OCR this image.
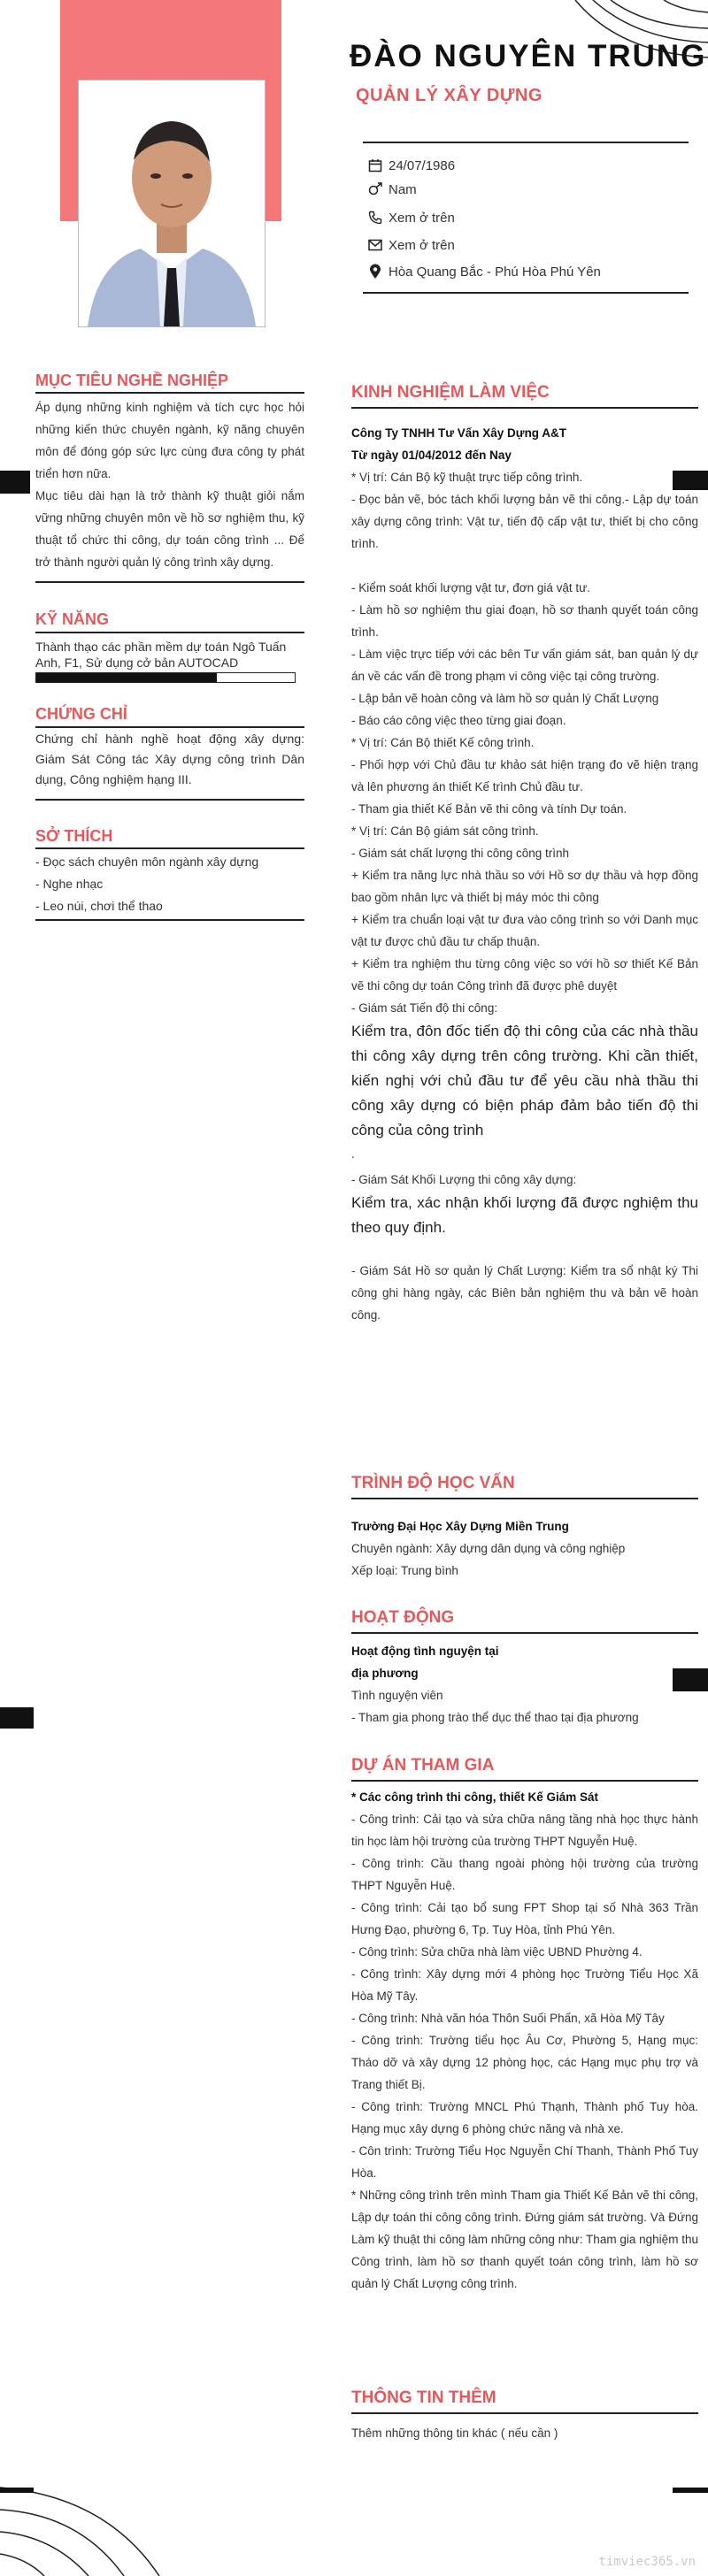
ĐÀO NGUYÊN TRUNG
QUẢN LÝ XÂY DỰNG
24/07/1986
Nam
Xem ở trên
Xem ở trên
Hòa Quang Bắc - Phú Hòa Phú Yên
MỤC TIÊU NGHỀ NGHIỆP

Áp dụng những kinh nghiệm và tích cực học hỏi những kiến thức chuyên ngành, kỹ năng chuyên môn để đóng góp sức lực cùng đưa công ty phát triển hơn nữa.

Mục tiêu dài hạn là trở thành kỹ thuật giỏi nắm vững những chuyên môn về hồ sơ nghiệm thu, kỹ thuật tổ chức thi công, dự toán công trình ... Để trở thành người quản lý công trình xây dựng.

KỸ NĂNG
Thành thạo các phần mềm dự toán Ngô Tuấn Anh, F1, Sử dụng cở bản AUTOCAD
CHỨNG CHỈ
Chứng chỉ hành nghề hoạt động xây dựng: Giám Sát Công tác Xây dựng công trình Dân dụng, Công nghiệm hạng III.
SỞ THÍCH
- Đọc sách chuyên môn ngành xây dựng
- Nghe nhạc
- Leo núi, chơi thể thao
KINH NGHIỆM LÀM VIỆC
Công Ty TNHH Tư Vấn Xây Dựng A&T
Từ ngày 01/04/2012 đến Nay
* Vị trí: Cán Bộ kỹ thuật trực tiếp công trình.
- Đọc bản vẽ, bóc tách khối lượng bản vẽ thi công.- Lập dự toán xây dựng công trình: Vật tư, tiến độ cấp vật tư, thiết bị cho công trình.
- Kiểm soát khối lượng vật tư, đơn giá vật tư.
- Làm hồ sơ nghiệm thu giai đoạn, hồ sơ thanh quyết toán công trình.
- Làm việc trực tiếp với các bên Tư vấn giám sát, ban quản lý dự án về các vấn đề trong phạm vi công việc tại công trường.
- Lập bản vẽ hoàn công và làm hồ sơ quản lý Chất Lượng
- Báo cáo công việc theo từng giai đoạn.
* Vị trí: Cán Bộ thiết Kế công trình.
- Phối hợp với Chủ đầu tư khảo sát hiện trạng đo vẽ hiện trạng và lên phương án thiết Kế trình Chủ đầu tư.
- Tham gia thiết Kế Bản vẽ thi công và tính Dự toán.
* Vị trí: Cán Bộ giám sát công trình.
- Giám sát chất lượng thi công công trình
+ Kiểm tra năng lực nhà thầu so với Hồ sơ dự thầu và hợp đồng bao gồm nhân lực và thiết bị máy móc thi công
+ Kiểm tra chuẩn loại vật tư đưa vào công trình so với Danh mục vật tư được chủ đầu tư chấp thuận.
+ Kiểm tra nghiệm thu từng công việc so với hồ sơ thiết Kế Bản vẽ thi công dự toán Công trình đã được phê duyệt
- Giám sát Tiến độ thi công:
Kiểm tra, đôn đốc tiến độ thi công của các nhà thầu thi công xây dựng trên công trường. Khi cần thiết, kiến nghị với chủ đầu tư để yêu cầu nhà thầu thi công xây dựng có biện pháp đảm bảo tiến độ thi công của công trình
.
- Giám Sát Khối Lượng thi công xây dựng:
Kiểm tra, xác nhận khối lượng đã được nghiệm thu theo quy định.
- Giám Sát Hồ sơ quản lý Chất Lượng: Kiểm tra sổ nhật ký Thi công ghi hàng ngày, các Biên bản nghiệm thu và bản vẽ hoàn công.
TRÌNH ĐỘ HỌC VẤN
Trường Đại Học Xây Dựng Miền Trung
Chuyên ngành: Xây dựng dân dụng và công nghiệp
Xếp loại: Trung bình
HOẠT ĐỘNG
Hoạt động tình nguyện tại
địa phương
Tình nguyện viên
- Tham gia phong trào thể dục thể thao tại địa phương
DỰ ÁN THAM GIA
* Các công trình thi công, thiết Kế Giám Sát
- Công trình: Cải tạo và sửa chữa nâng tầng nhà học thực hành tin học làm hội trường của trường THPT Nguyễn Huệ.
- Công trình: Cầu thang ngoài phòng hội trường của trường THPT Nguyễn Huệ.
- Công trình: Cải tạo bổ sung FPT Shop tại số Nhà 363 Trần Hưng Đạo, phường 6, Tp. Tuy Hòa, tỉnh Phú Yên.
- Công trình: Sửa chữa nhà làm việc UBND Phường 4.
- Công trình: Xây dựng mới 4 phòng học Trường Tiểu Học Xã Hòa Mỹ Tây.
- Công trình: Nhà văn hóa Thôn Suối Phấn, xã Hòa Mỹ Tây
- Công trình: Trường tiểu học Âu Cơ, Phường 5, Hạng mục: Tháo dỡ và xây dựng 12 phòng học, các Hạng mục phụ trợ và Trang thiết Bị.
- Công trình: Trường MNCL Phú Thạnh, Thành phố Tuy hòa. Hạng mục xây dựng 6 phòng chức năng và nhà xe.
- Côn trình: Trường Tiểu Học Nguyễn Chí Thanh, Thành Phố Tuy Hòa.
* Những công trình trên mình Tham gia Thiết Kế Bản vẽ thi công, Lập dự toán thi công công trình. Đứng giám sát trường. Và Đứng Làm kỹ thuật thi công làm những công như: Tham gia nghiệm thu Công trình, làm hồ sơ thanh quyết toán công trình, làm hồ sơ quản lý Chất Lượng công trình.
THÔNG TIN THÊM
Thêm những thông tin khác ( nếu cần )
timviec365.vn
